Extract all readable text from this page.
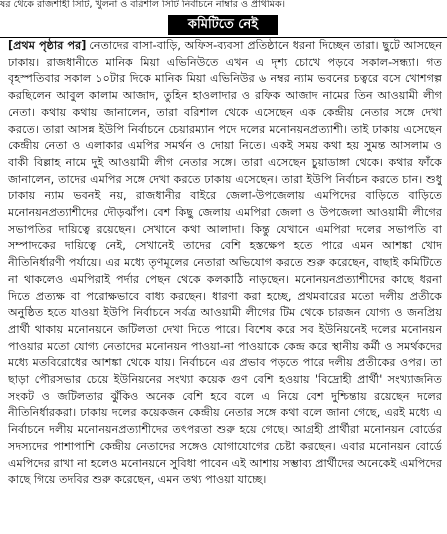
ষর থেকে রাজশাহী সিটি, খুলনা ও বরিশাল সিটি নির্বাচনে নাম্বার ও প্রাথমিক।
কমিটিতে নেই

[প্রথম পৃষ্ঠার পর] নেতাদের বাসা-বাড়ি, অফিস-ব্যবসা প্রতিষ্ঠানে ধরনা দিচ্ছেন তারা। ছুটে আসছেন ঢাকায়। রাজধানীতে মানিক মিয়া এভিনিউতে এখন এ দৃশ্য চোখে পড়বে সকাল-সন্ধ্যা। গত বৃহস্পতিবার সকাল ১০টার দিকে মানিক মিয়া এভিনিউর ৬ নম্বর ন্যাম ভবনের চত্বরে বসে খোশগল্প করছিলেন আবুল কালাম আজাদ, তুহিন হাওলাদার ও রফিক আজাদ নামের তিন আওয়ামী লীগ নেতা। কথায় কথায় জানালেন, তারা বরিশাল থেকে এসেছেন এক কেন্দ্রীয় নেতার সঙ্গে দেখা করতে। তারা আসন্ন ইউপি নির্বাচনে চেয়ারম্যান পদে দলের মনোনয়নপ্রত্যাশী। তাই ঢাকায় এসেছেন কেন্দ্রীয় নেতা ও এলাকার এমপির সমর্থন ও দোয়া নিতে। একই সময় কথা হয় সুমন্ত আসলাম ও বাকী বিল্লাহ নামে দুই আওয়ামী লীগ নেতার সঙ্গে। তারা এসেছেন চুয়াডাঙ্গা থেকে। কথার ফাঁকে জানালেন, তাদের এমপির সঙ্গে দেখা করতে ঢাকায় এসেছেন। তারা ইউপি নির্বাচন করতে চান। শুধু ঢাকায় ন্যাম ভবনই নয়, রাজধানীর বাইরে জেলা-উপজেলায় এমপিদের বাড়িতে বাড়িতে মনোনয়নপ্রত্যাশীদের দৌড়ঝাঁপ। বেশ কিছু জেলায় এমপিরা জেলা ও উপজেলা আওয়ামী লীগের সভাপতির দায়িত্বে রয়েছেন। সেখানে কথা আলাদা। কিন্তু যেখানে এমপিরা দলের সভাপতি বা সম্পাদকের দায়িত্বে নেই, সেখানেই তাদের বেশি হস্তক্ষেপ হতে পারে এমন আশঙ্কা খোদ নীতিনির্ধারণী পর্যায়ে। এর মধ্যে তৃণমূলের নেতারা অভিযোগ করতে শুরু করেছেন, বাছাই কমিটিতে না থাকলেও এমপিরাই পর্দার পেছন থেকে কলকাঠি নাড়ছেন। মনোনয়নপ্রত্যাশীদের কাছে ধরনা দিতে প্রত্যক্ষ বা পরোক্ষভাবে বাধ্য করছেন। ধারণা করা হচ্ছে, প্রথমবারের মতো দলীয় প্রতীকে অনুষ্ঠিত হতে যাওয়া ইউপি নির্বাচনে সর্বত্র আওয়ামী লীগের টিম থেকে চারজন যোগ্য ও জনপ্রিয় প্রার্থী থাকায় মনোনয়নে জটিলতা দেখা দিতে পারে। বিশেষ করে সব ইউনিয়নেই দলের মনোনয়ন পাওয়ার মতো যোগ্য নেতাদের মনোনয়ন পাওয়া-না পাওয়াকে কেন্দ্র করে স্থানীয় কর্মী ও সমর্থকদের মধ্যে মতবিরোধের আশঙ্কা থেকে যায়। নির্বাচনে এর প্রভাব পড়তে পারে দলীয় প্রতীকের ওপর। তা ছাড়া পৌরসভার চেয়ে ইউনিয়নের সংখ্যা কয়েক গুণ বেশি হওয়ায় 'বিদ্রোহী প্রার্থী' সংখ্যাজনিত সংকট ও জটিলতার ঝুঁকিও অনেক বেশি হবে বলে এ নিয়ে বেশ দুশ্চিন্তায় রয়েছেন দলের নীতিনির্ধারকরা। ঢাকায় দলের কয়েকজন কেন্দ্রীয় নেতার সঙ্গে কথা বলে জানা গেছে, এরই মধ্যে এ নির্বাচনে দলীয় মনোনয়নপ্রত্যাশীদের তৎপরতা শুরু হয়ে গেছে। আগ্রহী প্রার্থীরা মনোনয়ন বোর্ডের সদস্যদের পাশাপাশি কেন্দ্রীয় নেতাদের সঙ্গেও যোগাযোগের চেষ্টা করছেন। এবার মনোনয়ন বোর্ডে এমপিদের রাখা না হলেও মনোনয়নে সুবিধা পাবেন এই আশায় সম্ভাব্য প্রার্থীদের অনেকেই এমপিদের কাছে গিয়ে তদবির শুরু করেছেন, এমন তথ্য পাওয়া যাচ্ছে।
